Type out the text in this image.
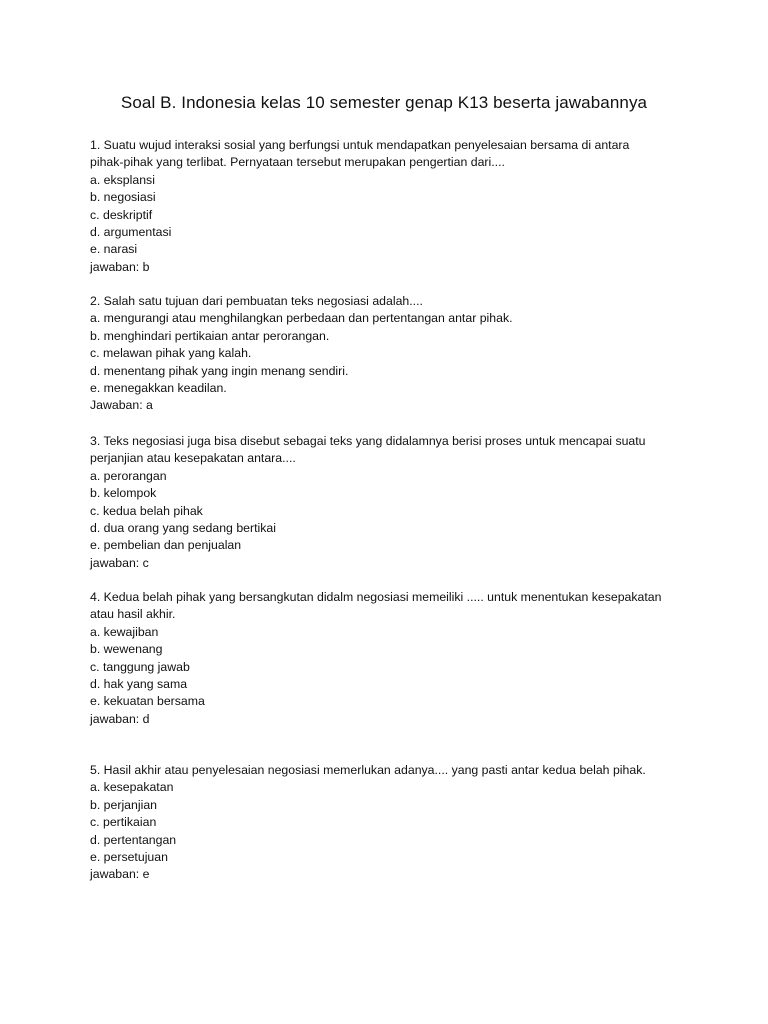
Soal B. Indonesia kelas 10 semester genap K13 beserta jawabannya
1. Suatu wujud interaksi sosial yang berfungsi untuk mendapatkan penyelesaian bersama di antara
pihak-pihak yang terlibat. Pernyataan tersebut merupakan pengertian dari....
a. eksplansi
b. negosiasi
c. deskriptif
d. argumentasi
e. narasi
jawaban: b
2. Salah satu tujuan dari pembuatan teks negosiasi adalah....
a. mengurangi atau menghilangkan perbedaan dan pertentangan antar pihak.
b. menghindari pertikaian antar perorangan.
c. melawan pihak yang kalah.
d. menentang pihak yang ingin menang sendiri.
e. menegakkan keadilan.
Jawaban: a
3. Teks negosiasi juga bisa disebut sebagai teks yang didalamnya berisi proses untuk mencapai suatu
perjanjian atau kesepakatan antara....
a. perorangan
b. kelompok
c. kedua belah pihak
d. dua orang yang sedang bertikai
e. pembelian dan penjualan
jawaban: c
4. Kedua belah pihak yang bersangkutan didalm negosiasi memeiliki ..... untuk menentukan kesepakatan
atau hasil akhir.
a. kewajiban
b. wewenang
c. tanggung jawab
d. hak yang sama
e. kekuatan bersama
jawaban: d
5. Hasil akhir atau penyelesaian negosiasi memerlukan adanya.... yang pasti antar kedua belah pihak.
a. kesepakatan
b. perjanjian
c. pertikaian
d. pertentangan
e. persetujuan
jawaban: e
